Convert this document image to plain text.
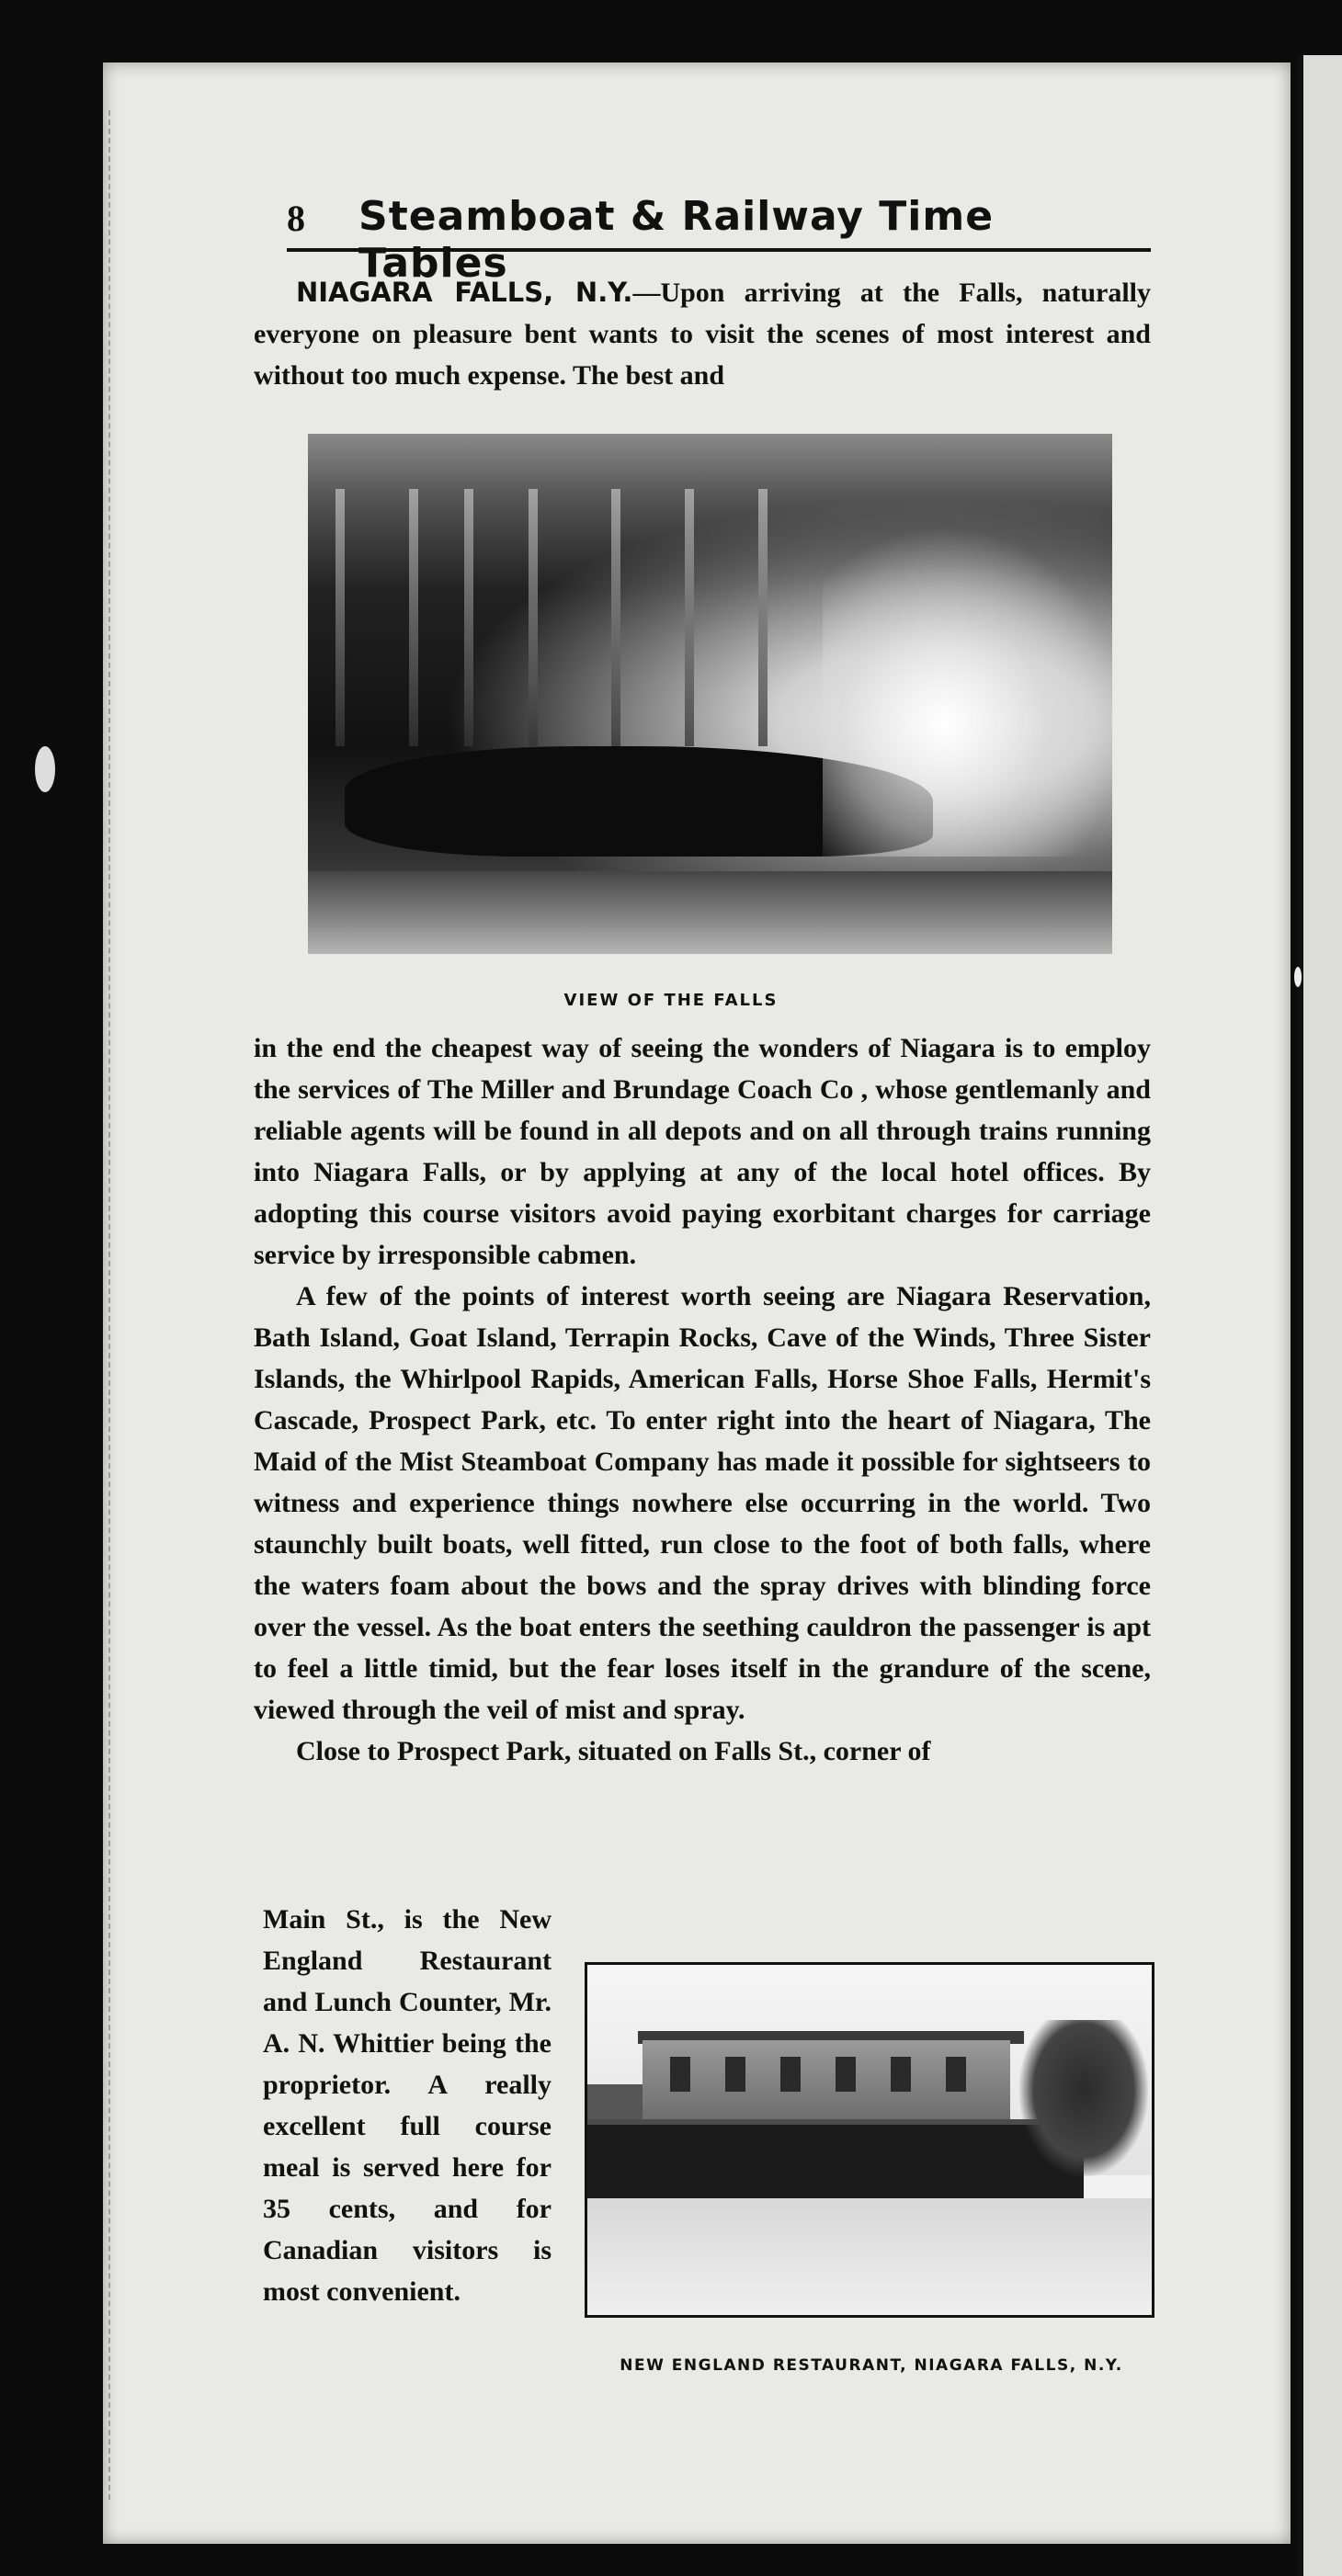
8 Steamboat & Railway Time Tables

NIAGARA FALLS, N.Y.—Upon arriving at the Falls, naturally everyone on pleasure bent wants to visit the scenes of most interest and without too much expense. The best and

VIEW OF THE FALLS

in the end the cheapest way of seeing the wonders of Niagara is to employ the services of The Miller and Brundage Coach Co , whose gentlemanly and reliable agents will be found in all depots and on all through trains running into Niagara Falls, or by applying at any of the local hotel offices. By adopting this course visitors avoid paying exorbitant charges for carriage service by irresponsible cabmen.

A few of the points of interest worth seeing are Niagara Reservation, Bath Island, Goat Island, Terrapin Rocks, Cave of the Winds, Three Sister Islands, the Whirlpool Rapids, American Falls, Horse Shoe Falls, Hermit's Cascade, Prospect Park, etc. To enter right into the heart of Niagara, The Maid of the Mist Steamboat Company has made it possible for sightseers to witness and experience things nowhere else occurring in the world. Two staunchly built boats, well fitted, run close to the foot of both falls, where the waters foam about the bows and the spray drives with blinding force over the vessel. As the boat enters the seething cauldron the passenger is apt to feel a little timid, but the fear loses itself in the grandure of the scene, viewed through the veil of mist and spray.

Close to Prospect Park, situated on Falls St., corner of

Main St., is the New England Restaurant and Lunch Counter, Mr. A. N. Whittier being the proprietor. A really excellent full course meal is served here for 35 cents, and for Canadian visitors is most convenient.

NEW ENGLAND RESTAURANT, NIAGARA FALLS, N.Y.
